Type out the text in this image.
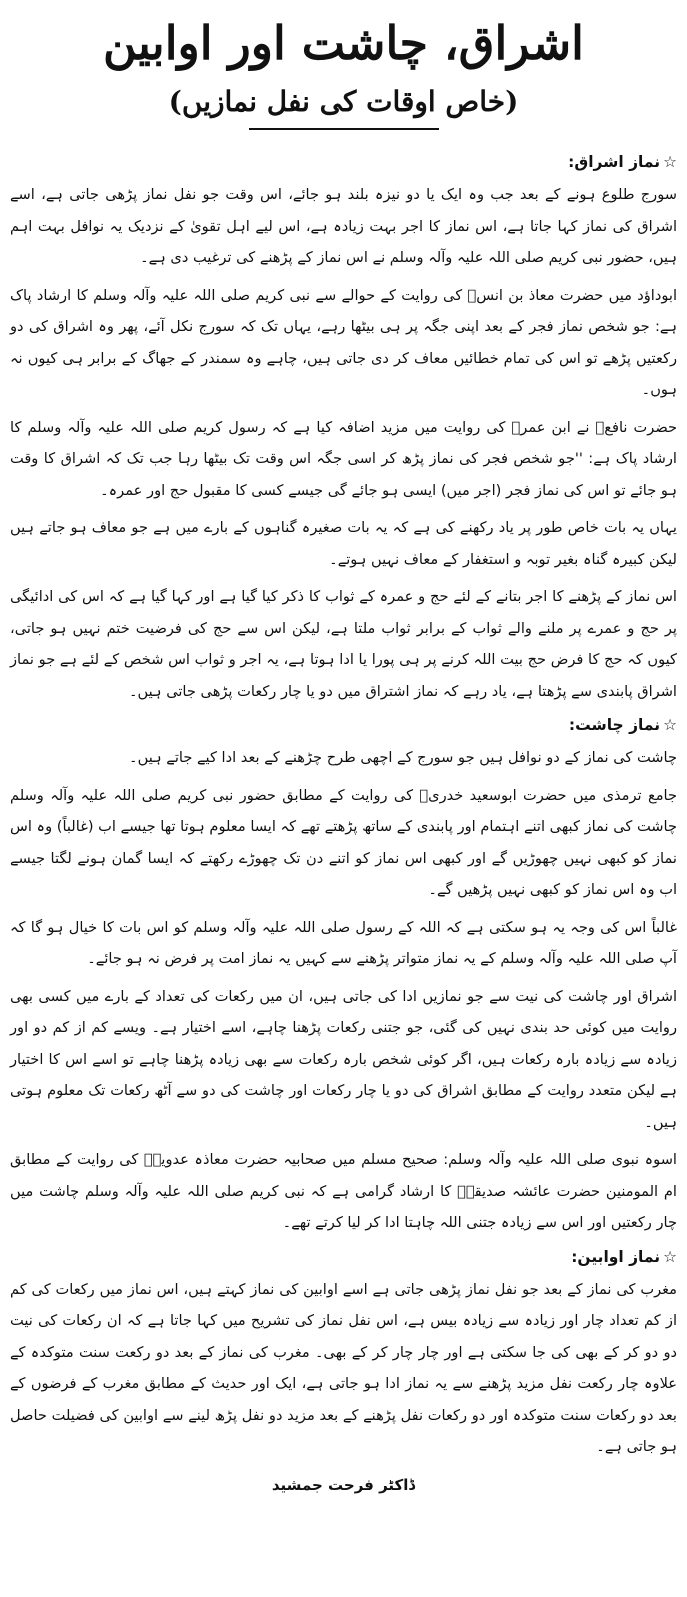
اشراق، چاشت اور اوابین
(خاص اوقات کی نفل نمازیں)
☆نماز اشراق:

سورج طلوع ہونے کے بعد جب وہ ایک یا دو نیزہ بلند ہو جائے، اس وقت جو نفل نماز پڑھی جاتی ہے، اسے اشراق کی نماز کہا جاتا ہے، اس نماز کا اجر بہت زیادہ ہے، اس لیے اہل تقویٰ کے نزدیک یہ نوافل بہت اہم ہیں، حضور نبی کریم صلی اللہ علیہ وآلہ وسلم نے اس نماز کے پڑھنے کی ترغیب دی ہے۔

ابوداؤد میں حضرت معاذ بن انسؓ کی روایت کے حوالے سے نبی کریم صلی اللہ علیہ وآلہ وسلم کا ارشاد پاک ہے: جو شخص نماز فجر کے بعد اپنی جگہ پر ہی بیٹھا رہے، یہاں تک کہ سورج نکل آئے، پھر وہ اشراق کی دو رکعتیں پڑھے تو اس کی تمام خطائیں معاف کر دی جاتی ہیں، چاہے وہ سمندر کے جھاگ کے برابر ہی کیوں نہ ہوں۔

حضرت نافعؒ نے ابن عمرؓ کی روایت میں مزید اضافہ کیا ہے کہ رسول کریم صلی اللہ علیہ وآلہ وسلم کا ارشاد پاک ہے: ''جو شخص فجر کی نماز پڑھ کر اسی جگہ اس وقت تک بیٹھا رہا جب تک کہ اشراق کا وقت ہو جائے تو اس کی نماز فجر (اجر میں) ایسی ہو جائے گی جیسے کسی کا مقبول حج اور عمرہ۔

یہاں یہ بات خاص طور پر یاد رکھنے کی ہے کہ یہ بات صغیرہ گناہوں کے بارے میں ہے جو معاف ہو جاتے ہیں لیکن کبیرہ گناہ بغیر توبہ و استغفار کے معاف نہیں ہوتے۔

اس نماز کے پڑھنے کا اجر بتانے کے لئے حج و عمرہ کے ثواب کا ذکر کیا گیا ہے اور کہا گیا ہے کہ اس کی ادائیگی پر حج و عمرے پر ملنے والے ثواب کے برابر ثواب ملتا ہے، لیکن اس سے حج کی فرضیت ختم نہیں ہو جاتی، کیوں کہ حج کا فرض حج بیت اللہ کرنے پر ہی پورا یا ادا ہوتا ہے، یہ اجر و ثواب اس شخص کے لئے ہے جو نماز اشراق پابندی سے پڑھتا ہے، یاد رہے کہ نماز اشتراق میں دو یا چار رکعات پڑھی جاتی ہیں۔

☆نماز چاشت:

چاشت کی نماز کے دو نوافل ہیں جو سورج کے اچھی طرح چڑھنے کے بعد ادا کیے جاتے ہیں۔

جامع ترمذی میں حضرت ابوسعید خدریؓ کی روایت کے مطابق حضور نبی کریم صلی اللہ علیہ وآلہ وسلم چاشت کی نماز کبھی اتنے اہتمام اور پابندی کے ساتھ پڑھتے تھے کہ ایسا معلوم ہوتا تھا جیسے اب (غالباً) وہ اس نماز کو کبھی نہیں چھوڑیں گے اور کبھی اس نماز کو اتنے دن تک چھوڑے رکھتے کہ ایسا گمان ہونے لگتا جیسے اب وہ اس نماز کو کبھی نہیں پڑھیں گے۔

غالباً اس کی وجہ یہ ہو سکتی ہے کہ اللہ کے رسول صلی اللہ علیہ وآلہ وسلم کو اس بات کا خیال ہو گا کہ آپ صلی اللہ علیہ وآلہ وسلم کے یہ نماز متواتر پڑھنے سے کہیں یہ نماز امت پر فرض نہ ہو جائے۔

اشراق اور چاشت کی نیت سے جو نمازیں ادا کی جاتی ہیں، ان میں رکعات کی تعداد کے بارے میں کسی بھی روایت میں کوئی حد بندی نہیں کی گئی، جو جتنی رکعات پڑھنا چاہے، اسے اختیار ہے۔ ویسے کم از کم دو اور زیادہ سے زیادہ بارہ رکعات ہیں، اگر کوئی شخص بارہ رکعات سے بھی زیادہ پڑھنا چاہے تو اسے اس کا اختیار ہے لیکن متعدد روایت کے مطابق اشراق کی دو یا چار رکعات اور چاشت کی دو سے آٹھ رکعات تک معلوم ہوتی ہیں۔

اسوہ نبوی صلی اللہ علیہ وآلہ وسلم: صحیح مسلم میں صحابیہ حضرت معاذہ عدویہؓ کی روایت کے مطابق ام المومنین حضرت عائشہ صدیقہؓ کا ارشاد گرامی ہے کہ نبی کریم صلی اللہ علیہ وآلہ وسلم چاشت میں چار رکعتیں اور اس سے زیادہ جتنی اللہ چاہتا ادا کر لیا کرتے تھے۔

☆نماز اوابین:

مغرب کی نماز کے بعد جو نفل نماز پڑھی جاتی ہے اسے اوابین کی نماز کہتے ہیں، اس نماز میں رکعات کی کم از کم تعداد چار اور زیادہ سے زیادہ بیس ہے، اس نفل نماز کی تشریح میں کہا جاتا ہے کہ ان رکعات کی نیت دو دو کر کے بھی کی جا سکتی ہے اور چار چار کر کے بھی۔ مغرب کی نماز کے بعد دو رکعت سنت متوکدہ کے علاوہ چار رکعت نفل مزید پڑھنے سے یہ نماز ادا ہو جاتی ہے، ایک اور حدیث کے مطابق مغرب کے فرضوں کے بعد دو رکعات سنت متوکدہ اور دو رکعات نفل پڑھنے کے بعد مزید دو نفل پڑھ لینے سے اوابین کی فضیلت حاصل ہو جاتی ہے۔

ڈاکٹر فرحت جمشید
